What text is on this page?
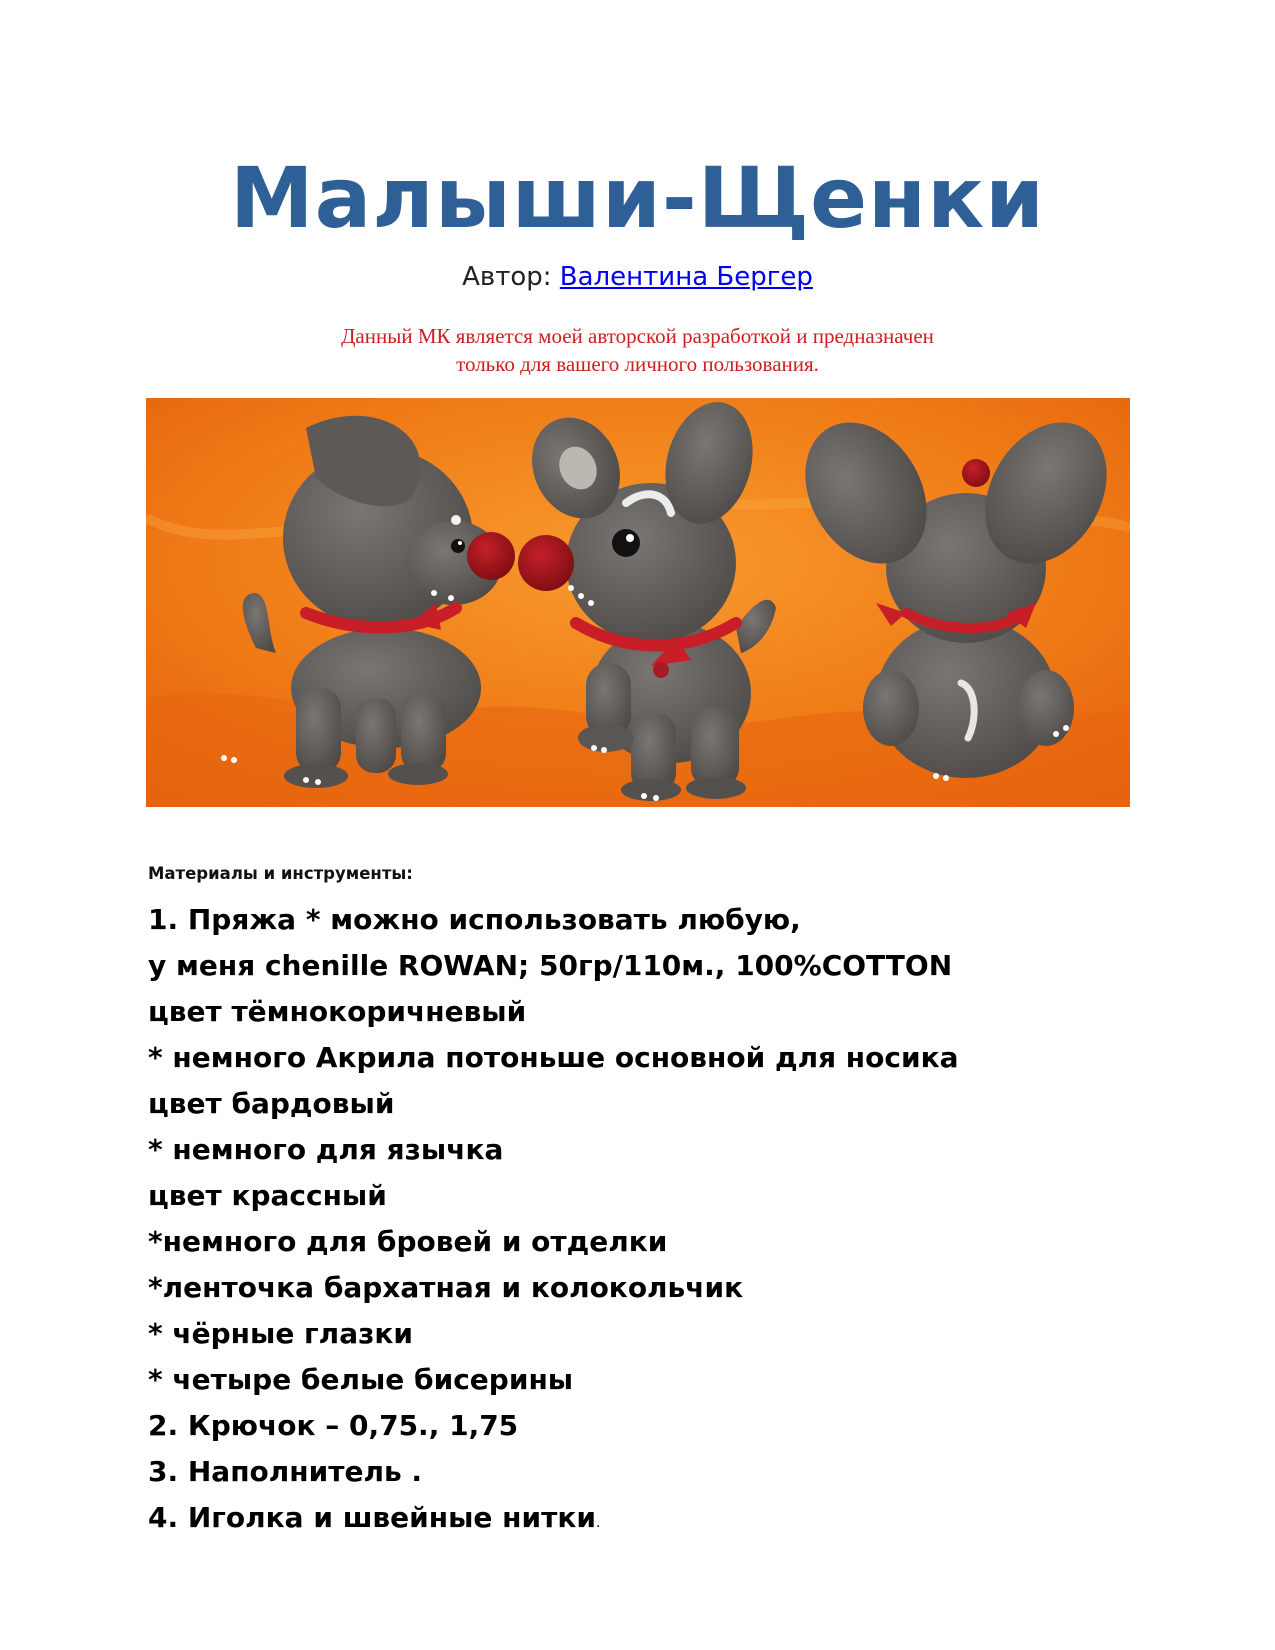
Малыши-Щенки
Автор: Валентина Бергер
Данный МК является моей авторской разработкой и предназначен
только для вашего личного пользования.
Материалы и инструменты:
1. Пряжа * можно использовать любую,
у меня chenille ROWAN; 50гр/110м., 100%COTTON
цвет тёмнокоричневый
* немного Акрила потоньше основной для носика
цвет бардовый
* немного для язычка
цвет крассный
*немного для бровей и отделки
*ленточка бархатная и колокольчик
* чёрные глазки
* четыре белые бисерины
2. Крючок – 0,75., 1,75
3. Наполнитель .
4. Иголка и швейные нитки.
